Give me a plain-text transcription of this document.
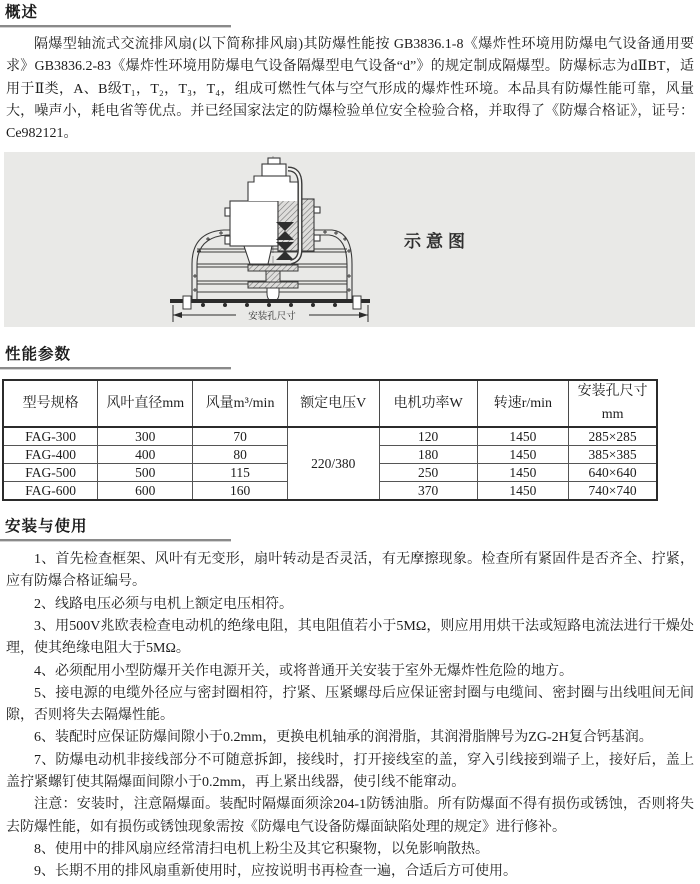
概述

隔爆型轴流式交流排风扇(以下简称排风扇)其防爆性能按 GB3836.1-8《爆炸性环境用防爆电气设备通用要求》GB3836.2-83《爆炸性环境用防爆电气设备隔爆型电气设备“d”》的规定制成隔爆型。防爆标志为dⅡBT，适用于Ⅱ类，A、B级T₁，T₂，T₃，T₄，组成可燃性气体与空气形成的爆炸性环境。本品具有防爆性能可靠，风量大，噪声小，耗电省等优点。并已经国家法定的防爆检验单位安全检验合格，并取得了《防爆合格证》，证号：Ce982121。

安装孔尺寸
示意图
性能参数
型号规格	风叶直径mm	风量m³/min	额定电压V	电机功率W	转速r/min	安装孔尺寸mm
FAG-300	300	70	220/380	120	1450	285×285
FAG-400	400	80		180	1450	385×385
FAG-500	500	115		250	1450	640×640
FAG-600	600	160		370	1450	740×740
安装与使用

1、首先检查框架、风叶有无变形，扇叶转动是否灵活，有无摩擦现象。检查所有紧固件是否齐全、拧紧，应有防爆合格证编号。

2、线路电压必须与电机上额定电压相符。

3、用500V兆欧表检查电动机的绝缘电阻，其电阻值若小于5MΩ，则应用用烘干法或短路电流法进行干燥处理，使其绝缘电阻大于5MΩ。

4、必须配用小型防爆开关作电源开关，或将普通开关安装于室外无爆炸性危险的地方。

5、接电源的电缆外径应与密封圈相符，拧紧、压紧螺母后应保证密封圈与电缆间、密封圈与出线咀间无间隙，否则将失去隔爆性能。

6、装配时应保证防爆间隙小于0.2mm，更换电机轴承的润滑脂，其润滑脂牌号为ZG-2H复合钙基润。

7、防爆电动机非接线部分不可随意拆卸，接线时，打开接线室的盖，穿入引线接到端子上，接好后，盖上盖拧紧螺钉使其隔爆面间隙小于0.2mm，再上紧出线器，使引线不能窜动。

注意：安装时，注意隔爆面。装配时隔爆面须涂204-1防锈油脂。所有防爆面不得有损伤或锈蚀，否则将失去防爆性能，如有损伤或锈蚀现象需按《防爆电气设备防爆面缺陷处理的规定》进行修补。

8、使用中的排风扇应经常清扫电机上粉尘及其它积聚物，以免影响散热。

9、长期不用的排风扇重新使用时，应按说明书再检查一遍，合适后方可使用。
